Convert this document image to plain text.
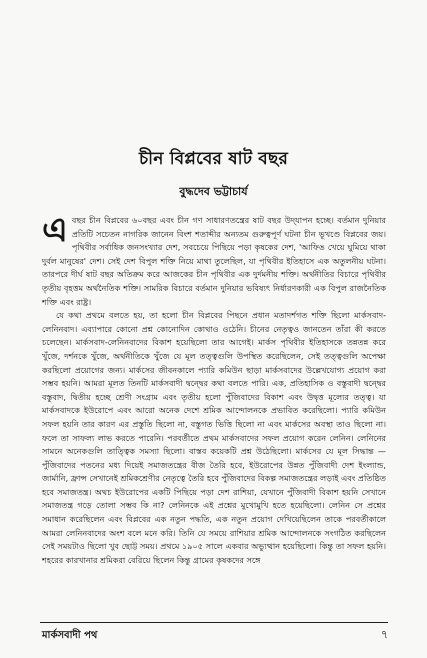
চীন বিপ্লবের ষাট বছর
বুদ্ধদেব ভট্টাচার্য

এবছর চীন বিপ্লবের ৬০বছর এবং চীন গণ সাধারণতন্ত্রের ষাট বছর উদ্‌যাপন হচ্ছে। বর্তমান দুনিয়ার প্রতিটি সচেতন নাগরিক জানেন বিংশ শতাব্দীর অন্যতম গুরুত্বপূর্ণ ঘটনা চীন ভূখণ্ডে বিপ্লবের জয়। পৃথিবীর সর্বাধিক জনসংখ্যার দেশ, সবচেয়ে পিছিয়ে পড়া কৃষকের দেশ, 'আফিঙ খেয়ে ঘুমিয়ে থাকা দুর্বল মানুষের' দেশ। সেই দেশ বিপুল শক্তি নিয়ে মাথা তুলেছিল, যা পৃথিবীর ইতিহাসে এক অতুলনীয় ঘটনা। তারপরে দীর্ঘ ষাট বছর অতিক্রম করে আজকের চীন পৃথিবীর এক দুর্দমনীয় শক্তি। অর্থনীতির বিচারে পৃথিবীর তৃতীয় বৃহত্তম অর্থনৈতিক শক্তি। সামরিক বিচারে বর্তমান দুনিয়ার ভবিষ্যৎ নির্ধারণকারী এক বিপুল রাজনৈতিক শক্তি এবং রাষ্ট্র।

যে কথা প্রথমে বলতে হয়, তা হলো চীন বিপ্লবের পিছনে প্রধান মতাদর্শগত শক্তি ছিলো মার্কসবাদ-লেনিনবাদ। এব্যাপারে কোনো প্রশ্ন কোনোদিন কোথাও ওঠেনি। চীনের নেতৃত্বও জানতেন তাঁরা কী করতে চলেছেন। মার্কসবাদ-লেনিনবাদের বিকাশ হয়েছিলো তার আগেই। মার্কস পৃথিবীর ইতিহাসকে তন্নতন্ন করে খুঁজে, দর্শনকে খুঁজে, অর্থনীতিকে খুঁজে যে মূল তত্ত্বগুলি উপস্থিত করেছিলেন, সেই তত্ত্বগুলি অপেক্ষা করছিলো প্রয়োগের জন্য। মার্কসের জীবনকালে প্যারি কমিউন ছাড়া মার্কসবাদের উল্লেখযোগ্য প্রয়োগ করা সম্ভব হয়নি। আমরা মূলত তিনটি মার্কসবাদী দ্বন্দ্বের কথা বলতে পারি। এক, প্রতিহাসিক ও বস্তুবাদী দ্বন্দ্বের বস্তুবাদ, দ্বিতীয় হচ্ছে শ্রেণী সংগ্রাম এবং তৃতীয় হলো পুঁজিবাদের বিকাশ এবং উদ্বৃত্ত মূল্যের তত্ত্ব। যা মার্কসবাদকে ইউরোপে এবং আরো অনেক দেশে শ্রমিক আন্দোলনকে প্রভাবিত করেছিলো। প্যারি কমিউন সফল হয়নি তার কারণ এর প্রস্তুতি ছিলো না, বস্তুগত ভিত্তি ছিলো না এবং মার্কসের অবস্থা তাও ছিলো না। ফলে তা সাফল্য লাভ করতে পারেনি। পরবর্তীতে প্রথম মার্কসবাদের সফল প্রয়োগ করেন লেনিন। লেনিনের সামনে অনেকগুলি তাত্ত্বিক সমস্যা ছিলো। বাস্তব কয়েকটি প্রশ্ন উঠেছিলো। মার্কসের যে মূল সিদ্ধান্ত — পুঁজিবাদের পতনের মধ্য দিয়েই সমাজতন্ত্রের বীজ তৈরি হবে, ইউরোপের উন্নত পুঁজিবাদী দেশ ইংল্যান্ড, জার্মানি, ফ্রান্স সেখানেই শ্রমিকশ্রেণীর নেতৃত্বে তৈরি হবে পুঁজিবাদের বিকল্প সমাজতন্ত্রের লড়াই এবং প্রতিষ্ঠিত হবে সমাজতন্ত্র। অথচ ইউরোপের একটি পিছিয়ে পড়া দেশ রাশিয়া, যেখানে পুঁজিবাদী বিকাশ হয়নি সেখানে সমাজতন্ত্র গড়ে তোলা সম্ভব কি না? লেনিনকে এই প্রশ্নের মুখোমুখি হতে হয়েছিলো। লেনিন সে প্রশ্নের সমাধান করেছিলেন এবং বিপ্লবের এক নতুন পদ্ধতি, এক নতুন প্রয়োগ দেখিয়েছিলেন তাকে পরবর্তীকালে আমরা লেনিনবাদের অংশ বলে মনে করি। তিনি যে সময়ে রাশিয়ার শ্রমিক আন্দোলনকে সংগঠিত করছিলেন সেই সময়টাও ছিলো খুব ছোট্ট সময়। প্রথমে ১৯০৫ সালে একবার অভ্যুত্থান হয়েছিলো। কিন্তু তা সফল হয়নি। শহরের কারখানার শ্রমিকরা বেরিয়ে ছিলেন কিন্তু গ্রামের কৃষকদের সঙ্গে

মার্কসবাদী পথ	৭
